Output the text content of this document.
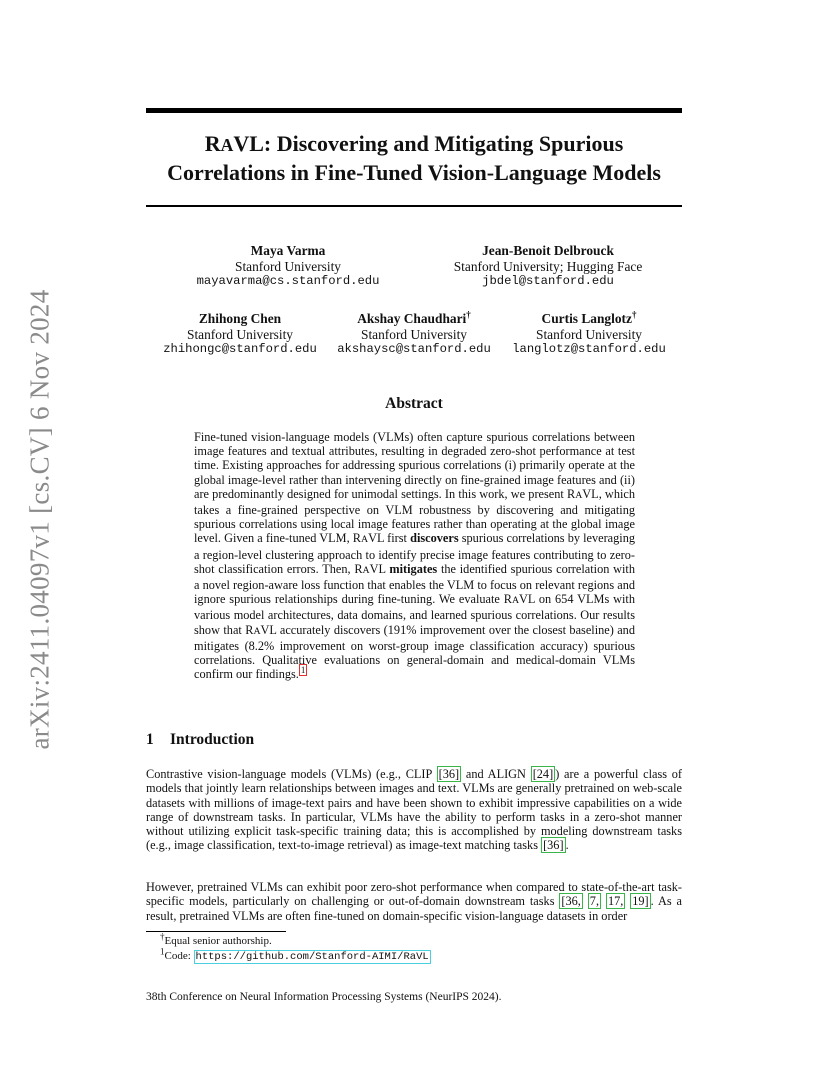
arXiv:2411.04097v1 [cs.CV] 6 Nov 2024
RAVL: Discovering and Mitigating Spurious
Correlations in Fine-Tuned Vision-Language Models
Maya Varma
Stanford University
mayavarma@cs.stanford.edu
Jean-Benoit Delbrouck
Stanford University; Hugging Face
jbdel@stanford.edu
Zhihong Chen
Stanford University
zhihongc@stanford.edu
Akshay Chaudhari†
Stanford University
akshaysc@stanford.edu
Curtis Langlotz†
Stanford University
langlotz@stanford.edu
Abstract
Fine-tuned vision-language models (VLMs) often capture spurious correlations between image features and textual attributes, resulting in degraded zero-shot performance at test time. Existing approaches for addressing spurious correlations (i) primarily operate at the global image-level rather than intervening directly on fine-grained image features and (ii) are predominantly designed for unimodal settings. In this work, we present RAVL, which takes a fine-grained perspective on VLM robustness by discovering and mitigating spurious correlations using local image features rather than operating at the global image level. Given a fine-tuned VLM, RAVL first discovers spurious correlations by leveraging a region-level clustering approach to identify precise image features contributing to zero-shot classification errors. Then, RAVL mitigates the identified spurious correlation with a novel region-aware loss function that enables the VLM to focus on relevant regions and ignore spurious relationships during fine-tuning. We evaluate RAVL on 654 VLMs with various model architectures, data domains, and learned spurious correlations. Our results show that RAVL accurately discovers (191% improvement over the closest baseline) and mitigates (8.2% improvement on worst-group image classification accuracy) spurious correlations. Qualitative evaluations on general-domain and medical-domain VLMs confirm our findings. $^1$
1 Introduction
Contrastive vision-language models (VLMs) (e.g., CLIP [36] and ALIGN [24] ) are a powerful class of models that jointly learn relationships between images and text. VLMs are generally pretrained on web-scale datasets with millions of image-text pairs and have been shown to exhibit impressive capabilities on a wide range of downstream tasks. In particular, VLMs have the ability to perform tasks in a zero-shot manner without utilizing explicit task-specific training data; this is accomplished by modeling downstream tasks (e.g., image classification, text-to-image retrieval) as image-text matching tasks [36] .
However, pretrained VLMs can exhibit poor zero-shot performance when compared to state-of-the-art task-specific models, particularly on challenging or out-of-domain downstream tasks [36, 7, 17, 19] . As a result, pretrained VLMs are often fine-tuned on domain-specific vision-language datasets in order
†Equal senior authorship.
$^1$Code: https://github.com/Stanford-AIMI/RaVL
38th Conference on Neural Information Processing Systems (NeurIPS 2024).
